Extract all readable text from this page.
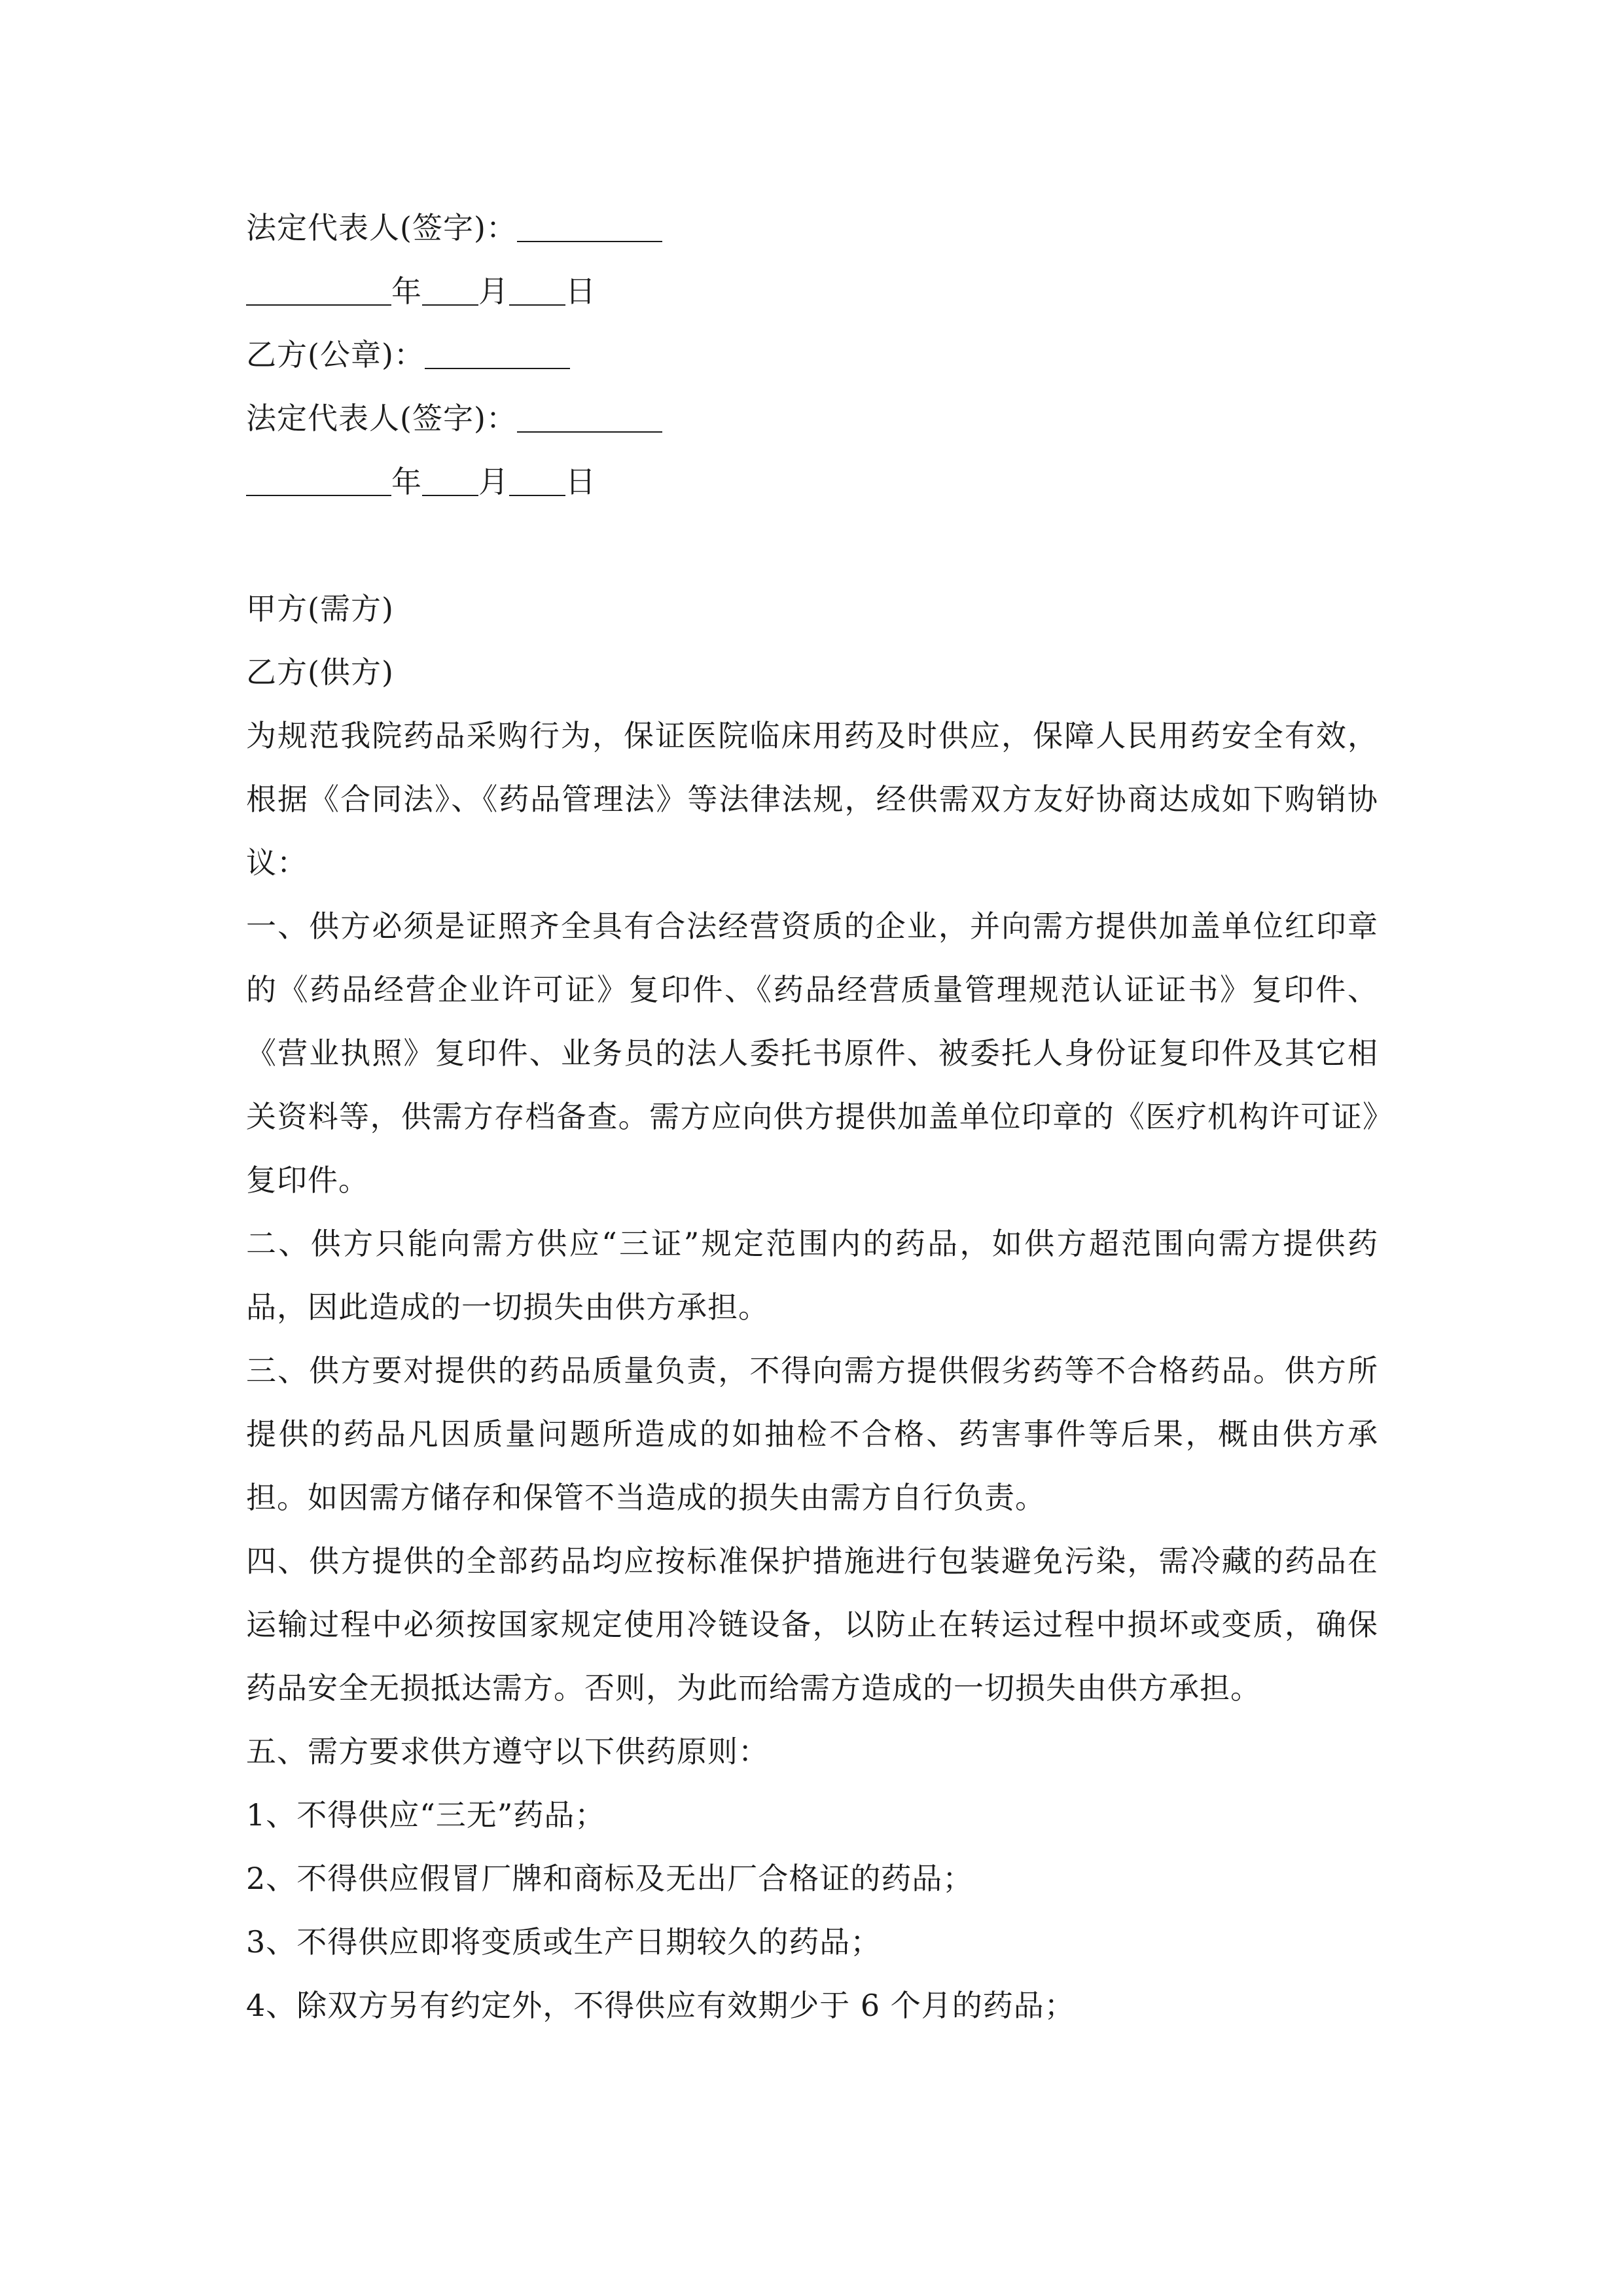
法定代表人(签字)：
年 月 日
乙方(公章)：
法定代表人(签字)：
年 月 日
甲方(需方)
乙方(供方)
为规范我院药品采购行为，保证医院临床用药及时供应，保障人民用药安全有效，根据《合同法》、《药品管理法》等法律法规，经供需双方友好协商达成如下购销协议：
一、供方必须是证照齐全具有合法经营资质的企业，并向需方提供加盖单位红印章的《药品经营企业许可证》复印件、《药品经营质量管理规范认证证书》复印件、《营业执照》复印件、业务员的法人委托书原件、被委托人身份证复印件及其它相关资料等，供需方存档备查。需方应向供方提供加盖单位印章的《医疗机构许可证》复印件。
二、供方只能向需方供应“三证”规定范围内的药品，如供方超范围向需方提供药品，因此造成的一切损失由供方承担。
三、供方要对提供的药品质量负责，不得向需方提供假劣药等不合格药品。供方所提供的药品凡因质量问题所造成的如抽检不合格、药害事件等后果，概由供方承担。如因需方储存和保管不当造成的损失由需方自行负责。
四、供方提供的全部药品均应按标准保护措施进行包装避免污染，需冷藏的药品在运输过程中必须按国家规定使用冷链设备，以防止在转运过程中损坏或变质，确保药品安全无损抵达需方。否则，为此而给需方造成的一切损失由供方承担。
五、需方要求供方遵守以下供药原则：
1、不得供应“三无”药品；
2、不得供应假冒厂牌和商标及无出厂合格证的药品；
3、不得供应即将变质或生产日期较久的药品；
4、除双方另有约定外，不得供应有效期少于 6 个月的药品；
